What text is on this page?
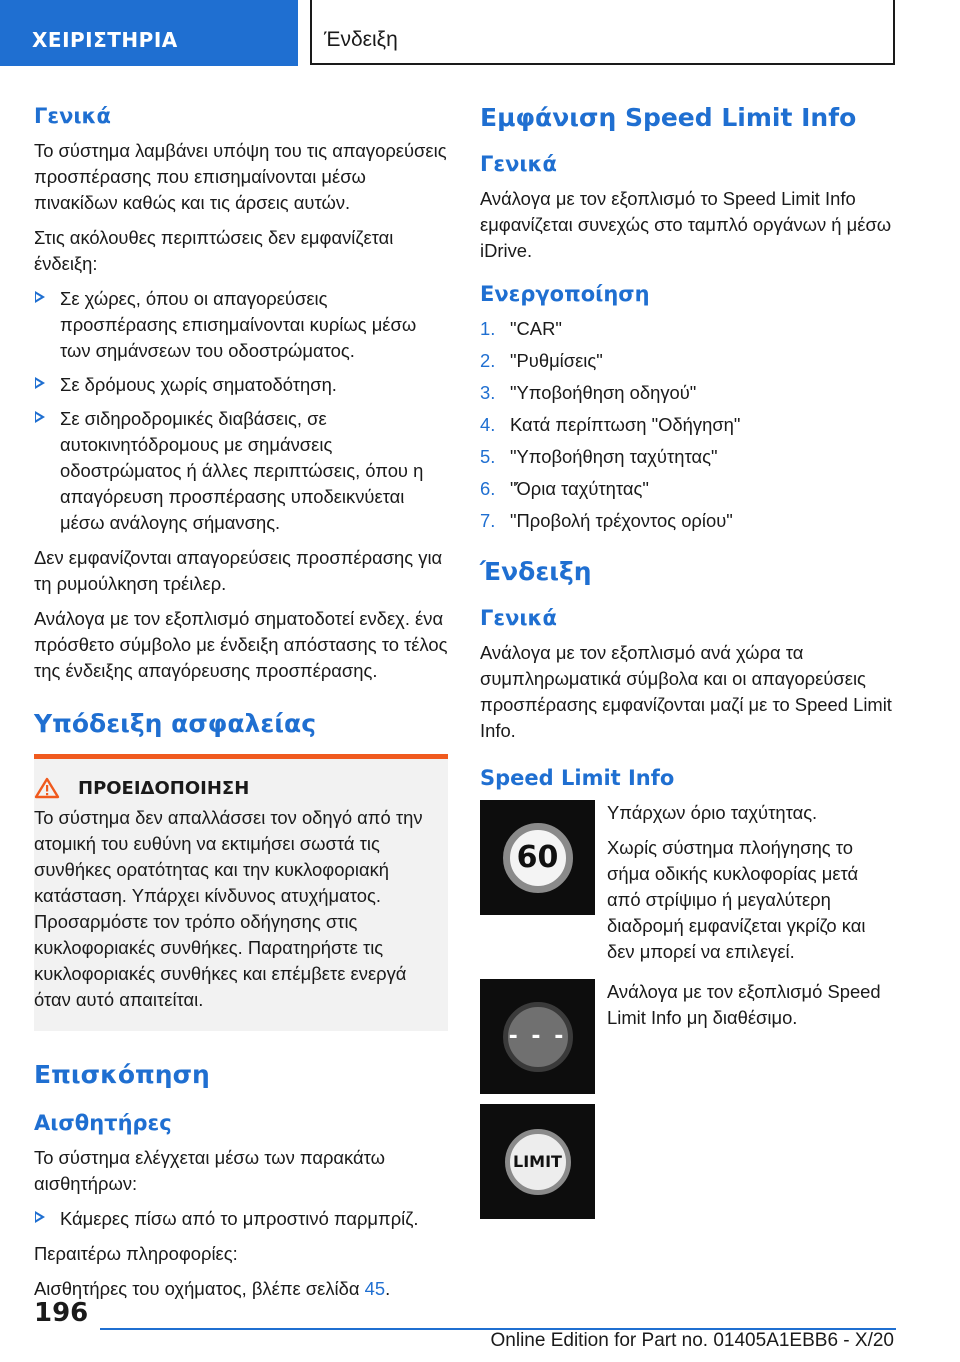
ΧΕΙΡΙΣΤΗΡΙΑ	Ένδειξη
Γενικά

Το σύστημα λαμβάνει υπόψη του τις απαγορεύσεις προσπέρασης που επισημαίνονται μέσω πινακίδων καθώς και τις άρσεις αυτών.

Στις ακόλουθες περιπτώσεις δεν εμφανίζεται ένδειξη:

Σε χώρες, όπου οι απαγορεύσεις προσπέρασης επισημαίνονται κυρίως μέσω των σημάνσεων του οδοστρώματος.
Σε δρόμους χωρίς σηματοδότηση.
Σε σιδηροδρομικές διαβάσεις, σε αυτοκινητόδρομους με σημάνσεις οδοστρώματος ή άλλες περιπτώσεις, όπου η απαγόρευση προσπέρασης υποδεικνύεται μέσω ανάλογης σήμανσης.

Δεν εμφανίζονται απαγορεύσεις προσπέρασης για τη ρυμούλκηση τρέιλερ.

Ανάλογα με τον εξοπλισμό σηματοδοτεί ενδεχ. ένα πρόσθετο σύμβολο με ένδειξη απόστασης το τέλος της ένδειξης απαγόρευσης προσπέρασης.

Υπόδειξη ασφαλείας
ΠΡΟΕΙΔΟΠΟΙΗΣΗ

Το σύστημα δεν απαλλάσσει τον οδηγό από την ατομική του ευθύνη να εκτιμήσει σωστά τις συνθήκες ορατότητας και την κυκλοφοριακή κατάσταση. Υπάρχει κίνδυνος ατυχήματος. Προσαρμόστε τον τρόπο οδήγησης στις κυκλοφοριακές συνθήκες. Παρατηρήστε τις κυκλοφοριακές συνθήκες και επέμβετε ενεργά όταν αυτό απαιτείται.

Επισκόπηση
Αισθητήρες

Το σύστημα ελέγχεται μέσω των παρακάτω αισθητήρων:

Κάμερες πίσω από το μπροστινό παρμπρίζ.

Περαιτέρω πληροφορίες:

Αισθητήρες του οχήματος, βλέπε σελίδα 45.

Εμφάνιση Speed Limit Info
Γενικά

Ανάλογα με τον εξοπλισμό το Speed Limit Info εμφανίζεται συνεχώς στο ταμπλό οργάνων ή μέσω iDrive.

Ενεργοποίηση
1. "CAR"
2. "Ρυθμίσεις"
3. "Υποβοήθηση οδηγού"
4. Κατά περίπτωση "Οδήγηση"
5. "Υποβοήθηση ταχύτητας"
6. "Όρια ταχύτητας"
7. "Προβολή τρέχοντος ορίου"
Ένδειξη
Γενικά

Ανάλογα με τον εξοπλισμό ανά χώρα τα συμπληρωματικά σύμβολα και οι απαγορεύσεις προσπέρασης εμφανίζονται μαζί με το Speed Limit Info.

Speed Limit Info
60

Υπάρχων όριο ταχύτητας.

Χωρίς σύστημα πλοήγησης το σήμα οδικής κυκλοφορίας μετά από στρίψιμο ή μεγαλύτερη διαδρομή εμφανίζεται γκρίζο και δεν μπορεί να επιλεγεί.

- - -

Ανάλογα με τον εξοπλισμό Speed Limit Info μη διαθέσιμο.

LIMIT
196
Online Edition for Part no. 01405A1EBB6 - X/20
